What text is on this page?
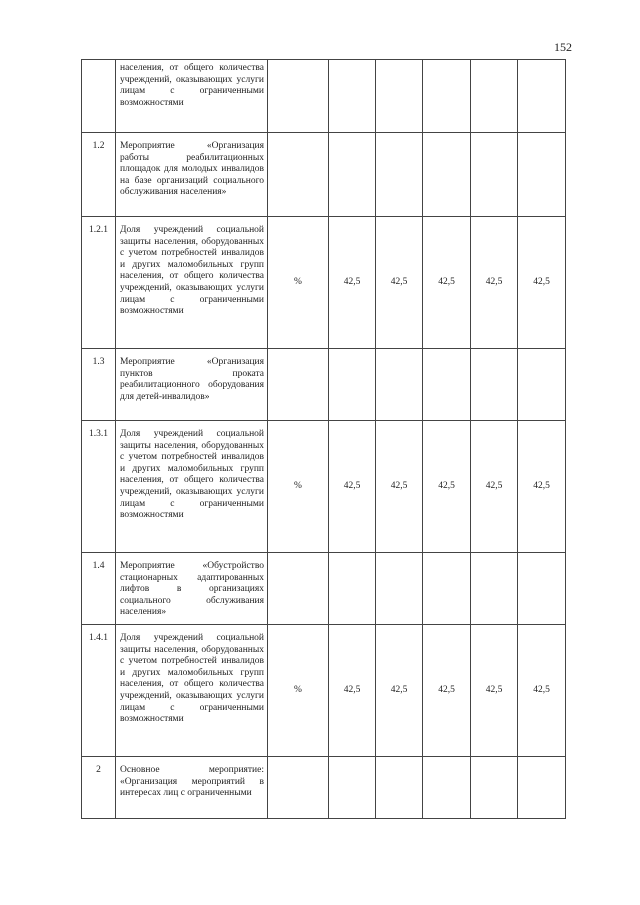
152
	населения, от общего количества учреждений, оказывающих услуги лицам с ограниченными возможностями						
1.2	Мероприятие «Организация работы реабилитационных площадок для молодых инвалидов на базе организаций социального обслуживания населения»						
1.2.1	Доля учреждений социальной защиты населения, оборудованных с учетом потребностей инвалидов и других маломобильных групп населения, от общего количества учреждений, оказывающих услуги лицам с ограниченными возможностями	%	42,5	42,5	42,5	42,5	42,5
1.3	Мероприятие «Организация пунктов проката реабилитационного оборудования для детей-инвалидов»						
1.3.1	Доля учреждений социальной защиты населения, оборудованных с учетом потребностей инвалидов и других маломобильных групп населения, от общего количества учреждений, оказывающих услуги лицам с ограниченными возможностями	%	42,5	42,5	42,5	42,5	42,5
1.4	Мероприятие «Обустройство стационарных адаптированных лифтов в организациях социального обслуживания населения»						
1.4.1	Доля учреждений социальной защиты населения, оборудованных с учетом потребностей инвалидов и других маломобильных групп населения, от общего количества учреждений, оказывающих услуги лицам с ограниченными возможностями	%	42,5	42,5	42,5	42,5	42,5
2	Основное мероприятие: «Организация мероприятий в интересах лиц с ограниченными						
